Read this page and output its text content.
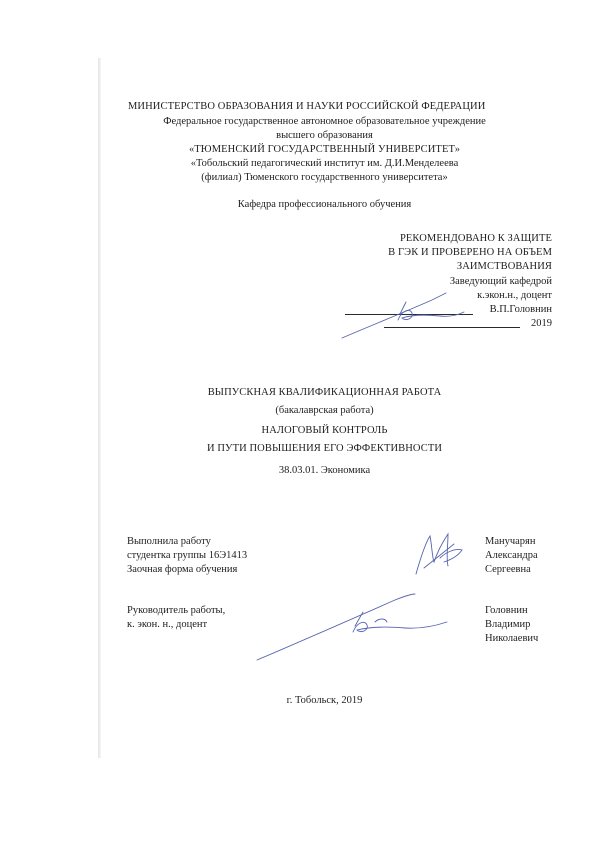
МИНИСТЕРСТВО ОБРАЗОВАНИЯ И НАУКИ РОССИЙСКОЙ ФЕДЕРАЦИИ
Федеральное государственное автономное образовательное учреждение
высшего образования
«ТЮМЕНСКИЙ ГОСУДАРСТВЕННЫЙ УНИВЕРСИТЕТ»
«Тобольский педагогический институт им. Д.И.Менделеева
(филиал) Тюменского государственного университета»
Кафедра профессионального обучения
РЕКОМЕНДОВАНО К ЗАЩИТЕ
В ГЭК И ПРОВЕРЕНО НА ОБЪЕМ
ЗАИМСТВОВАНИЯ
Заведующий кафедрой
к.экон.н., доцент
В.П.Головнин
2019
ВЫПУСКНАЯ КВАЛИФИКАЦИОННАЯ РАБОТА
(бакалаврская работа)
НАЛОГОВЫЙ КОНТРОЛЬ
И ПУТИ ПОВЫШЕНИЯ ЕГО ЭФФЕКТИВНОСТИ
38.03.01. Экономика
Выполнила работу
студентка группы 16Э1413
Заочная форма обучения
Манучарян
Александра
Сергеевна
Руководитель работы,
к. экон. н., доцент
Головнин
Владимир
Николаевич
г. Тобольск, 2019
